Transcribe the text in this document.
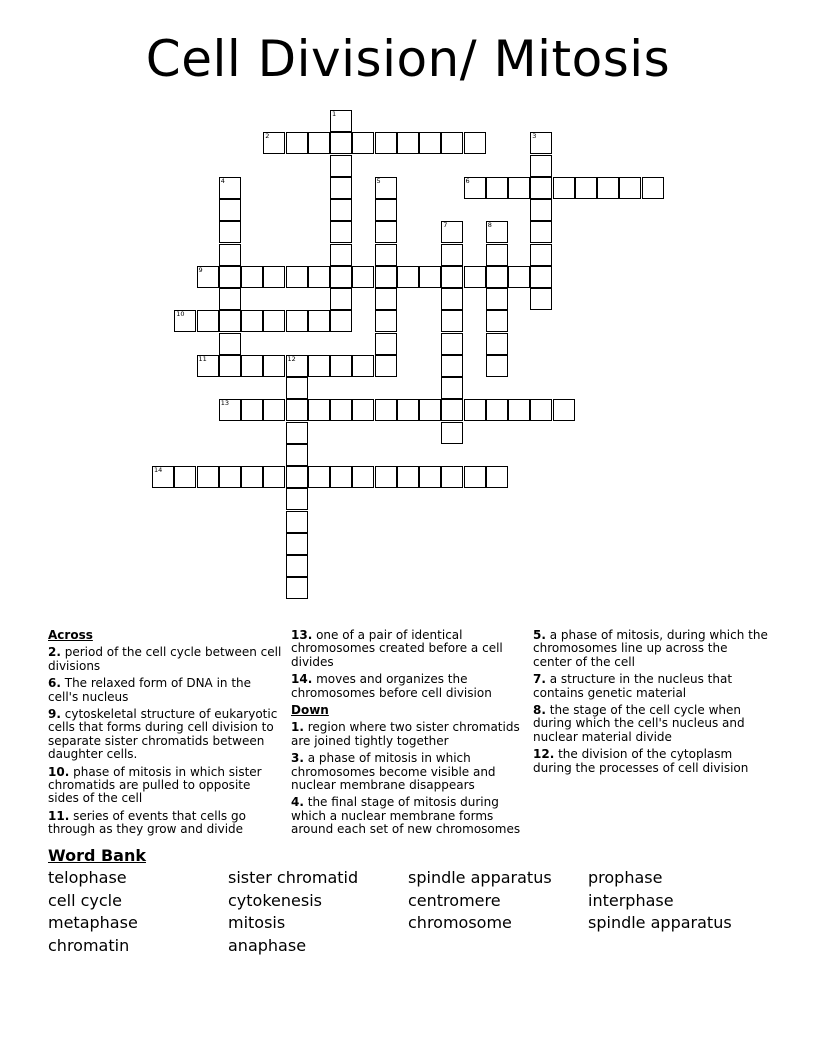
Cell Division/ Mitosis
1
2	3
4	5	6
7	8
9
10
11	12
13
14
Across
2. period of the cell cycle between cell divisions
6. The relaxed form of DNA in the cell's nucleus
9. cytoskeletal structure of eukaryotic cells that forms during cell division to separate sister chromatids between daughter cells.
10. phase of mitosis in which sister chromatids are pulled to opposite sides of the cell
11. series of events that cells go through as they grow and divide
13. one of a pair of identical chromosomes created before a cell divides
14. moves and organizes the chromosomes before cell division
Down
1. region where two sister chromatids are joined tightly together
3. a phase of mitosis in which chromosomes become visible and nuclear membrane disappears
4. the final stage of mitosis during which a nuclear membrane forms around each set of new chromosomes
5. a phase of mitosis, during which the chromosomes line up across the center of the cell
7. a structure in the nucleus that contains genetic material
8. the stage of the cell cycle when during which the cell's nucleus and nuclear material divide
12. the division of the cytoplasm during the processes of cell division
Word Bank
telophase	sister chromatid	spindle apparatus	prophase
cell cycle	cytokenesis	centromere	interphase
metaphase	mitosis	chromosome	spindle apparatus
chromatin	anaphase
